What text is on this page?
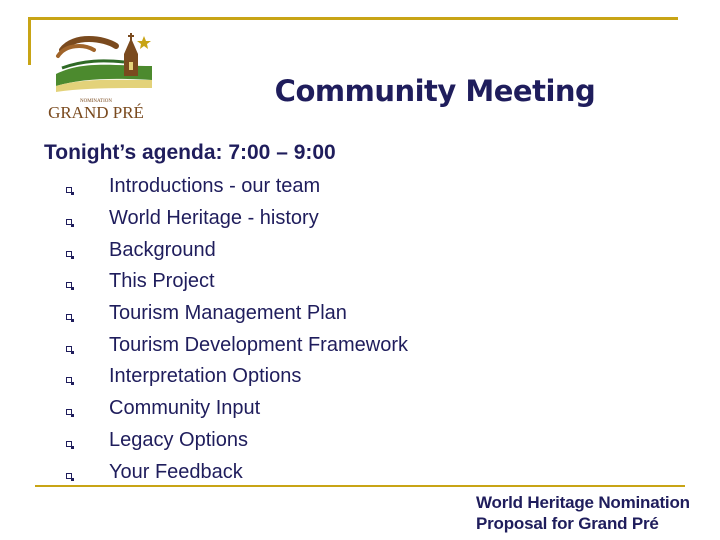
NOMINATION
GRAND PRÉ
Community Meeting
Tonight’s agenda: 7:00 – 9:00
Introductions - our team
World Heritage - history
Background
This Project
Tourism Management Plan
Tourism Development Framework
Interpretation Options
Community Input
Legacy Options
Your Feedback
World Heritage Nomination
Proposal for Grand Pré
